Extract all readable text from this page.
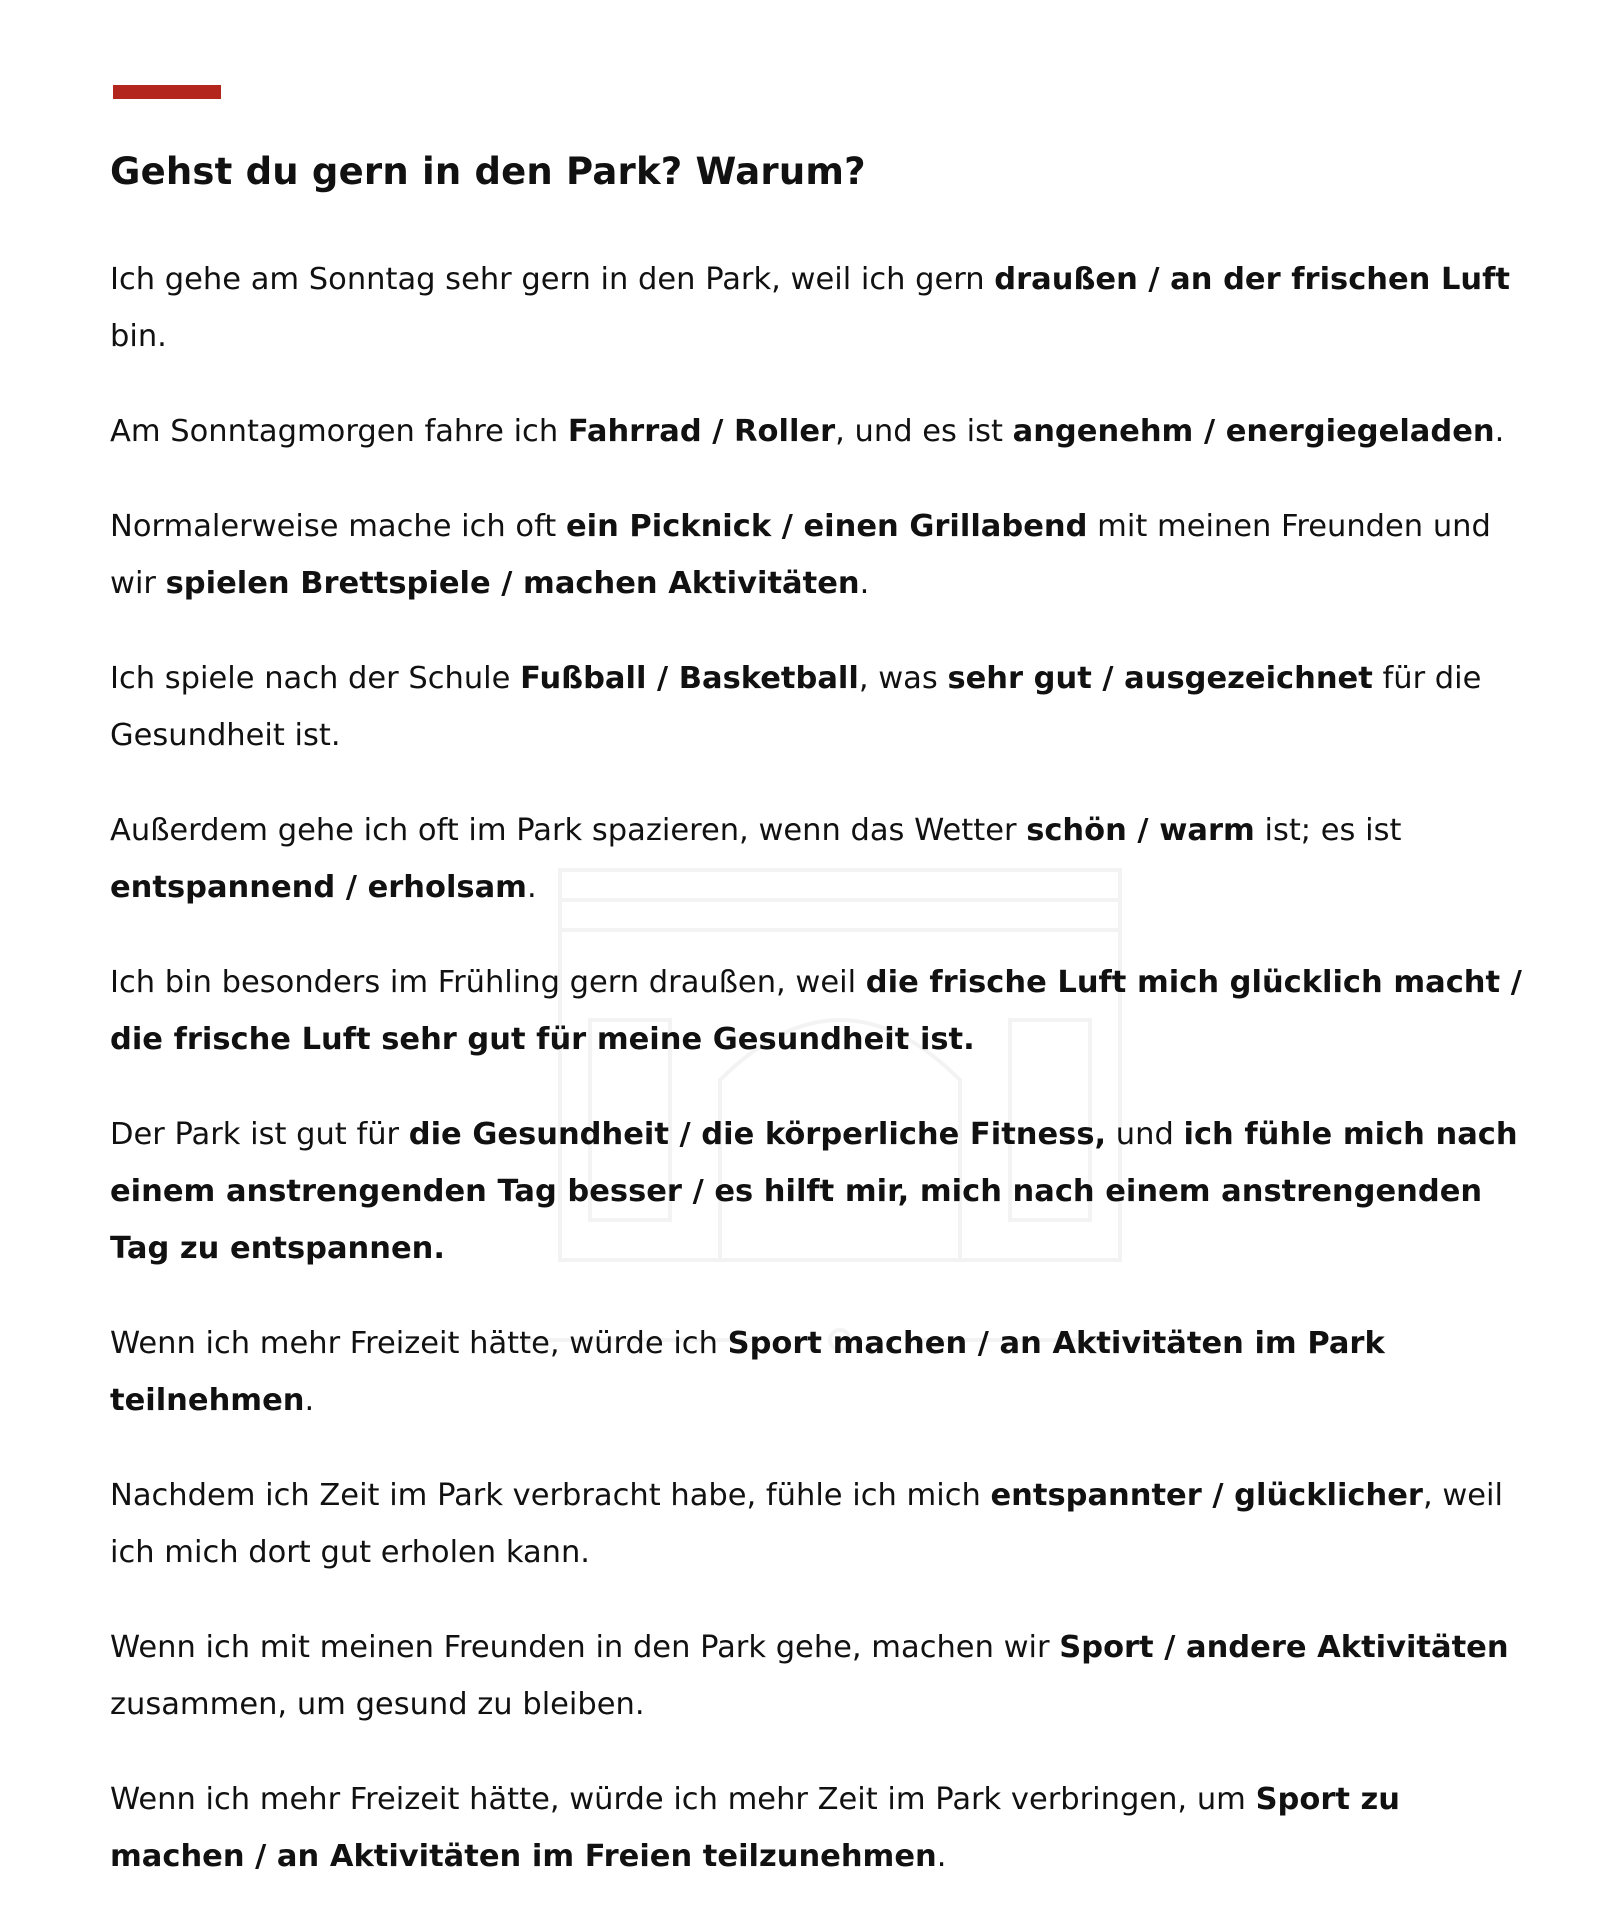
Gehst du gern in den Park? Warum?

Ich gehe am Sonntag sehr gern in den Park, weil ich gern draußen / an der frischen Luft bin.

Am Sonntagmorgen fahre ich Fahrrad / Roller, und es ist angenehm / energiegeladen.

Normalerweise mache ich oft ein Picknick / einen Grillabend mit meinen Freunden und wir spielen Brettspiele / machen Aktivitäten.

Ich spiele nach der Schule Fußball / Basketball, was sehr gut / ausgezeichnet für die Gesundheit ist.

Außerdem gehe ich oft im Park spazieren, wenn das Wetter schön / warm ist; es ist entspannend / erholsam.

Ich bin besonders im Frühling gern draußen, weil die frische Luft mich glücklich macht / die frische Luft sehr gut für meine Gesundheit ist.

Der Park ist gut für die Gesundheit / die körperliche Fitness, und ich fühle mich nach einem anstrengenden Tag besser / es hilft mir, mich nach einem anstrengenden Tag zu entspannen.

Wenn ich mehr Freizeit hätte, würde ich Sport machen / an Aktivitäten im Park teilnehmen.

Nachdem ich Zeit im Park verbracht habe, fühle ich mich entspannter / glücklicher, weil ich mich dort gut erholen kann.

Wenn ich mit meinen Freunden in den Park gehe, machen wir Sport / andere Aktivitäten zusammen, um gesund zu bleiben.

Wenn ich mehr Freizeit hätte, würde ich mehr Zeit im Park verbringen, um Sport zu machen / an Aktivitäten im Freien teilzunehmen.
